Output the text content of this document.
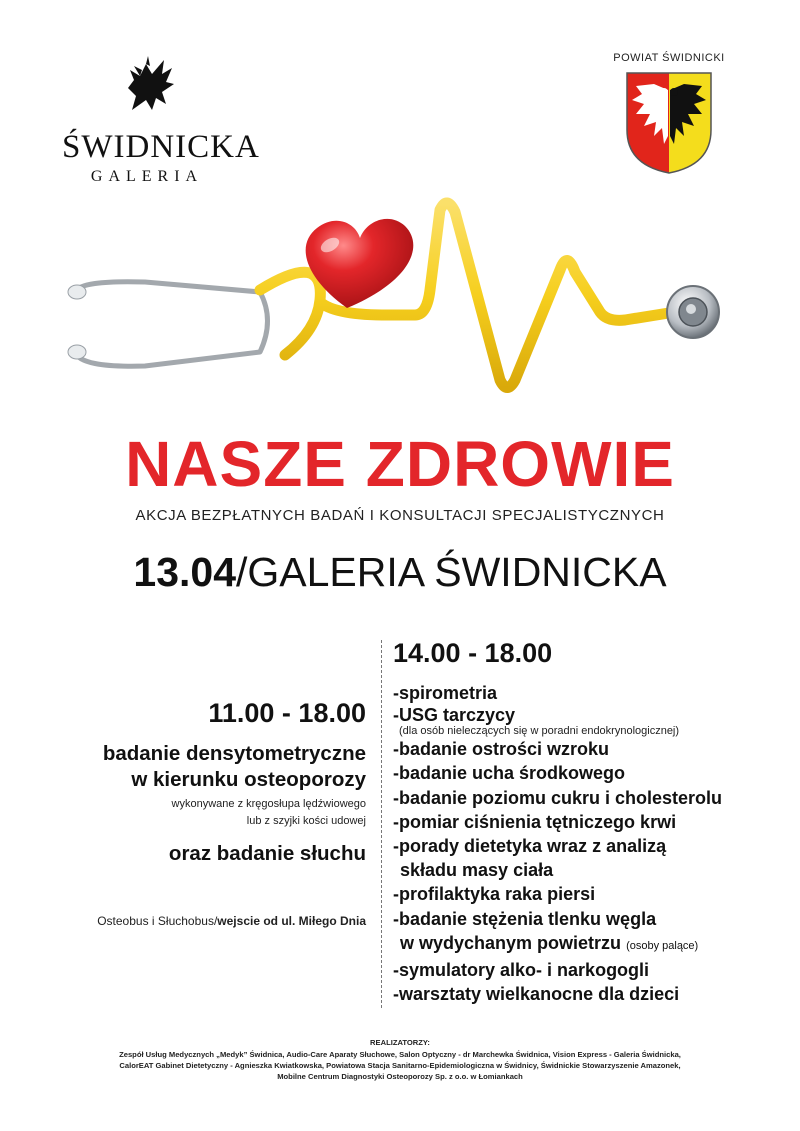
ŚWIDNICKA
GALERIA
POWIAT ŚWIDNICKI
NASZE ZDROWIE
AKCJA BEZPŁATNYCH BADAŃ I KONSULTACJI SPECJALISTYCZNYCH
13.04/GALERIA ŚWIDNICKA
11.00 - 18.00
badanie densytometryczne
w kierunku osteoporozy
wykonywane z kręgosłupa lędźwiowego
lub z szyjki kości udowej
oraz badanie słuchu
Osteobus i Słuchobus/wejscie od ul. Miłego Dnia
14.00 - 18.00
-spirometria
-USG tarczycy
(dla osób nieleczących się w poradni endokrynologicznej)
-badanie ostrości wzroku
-badanie ucha środkowego
-badanie poziomu cukru i cholesterolu
-pomiar ciśnienia tętniczego krwi
-porady dietetyka wraz z analizą
składu masy ciała
-profilaktyka raka piersi
-badanie stężenia tlenku węgla
w wydychanym powietrzu (osoby palące)
-symulatory alko- i narkogogli
-warsztaty wielkanocne dla dzieci
REALIZATORZY:
Zespół Usług Medycznych „Medyk” Świdnica, Audio-Care Aparaty Słuchowe, Salon Optyczny - dr Marchewka Świdnica, Vision Express - Galeria Świdnicka,
CalorEAT Gabinet Dietetyczny - Agnieszka Kwiatkowska, Powiatowa Stacja Sanitarno-Epidemiologiczna w Świdnicy, Świdnickie Stowarzyszenie Amazonek,
Mobilne Centrum Diagnostyki Osteoporozy Sp. z o.o. w Łomiankach
